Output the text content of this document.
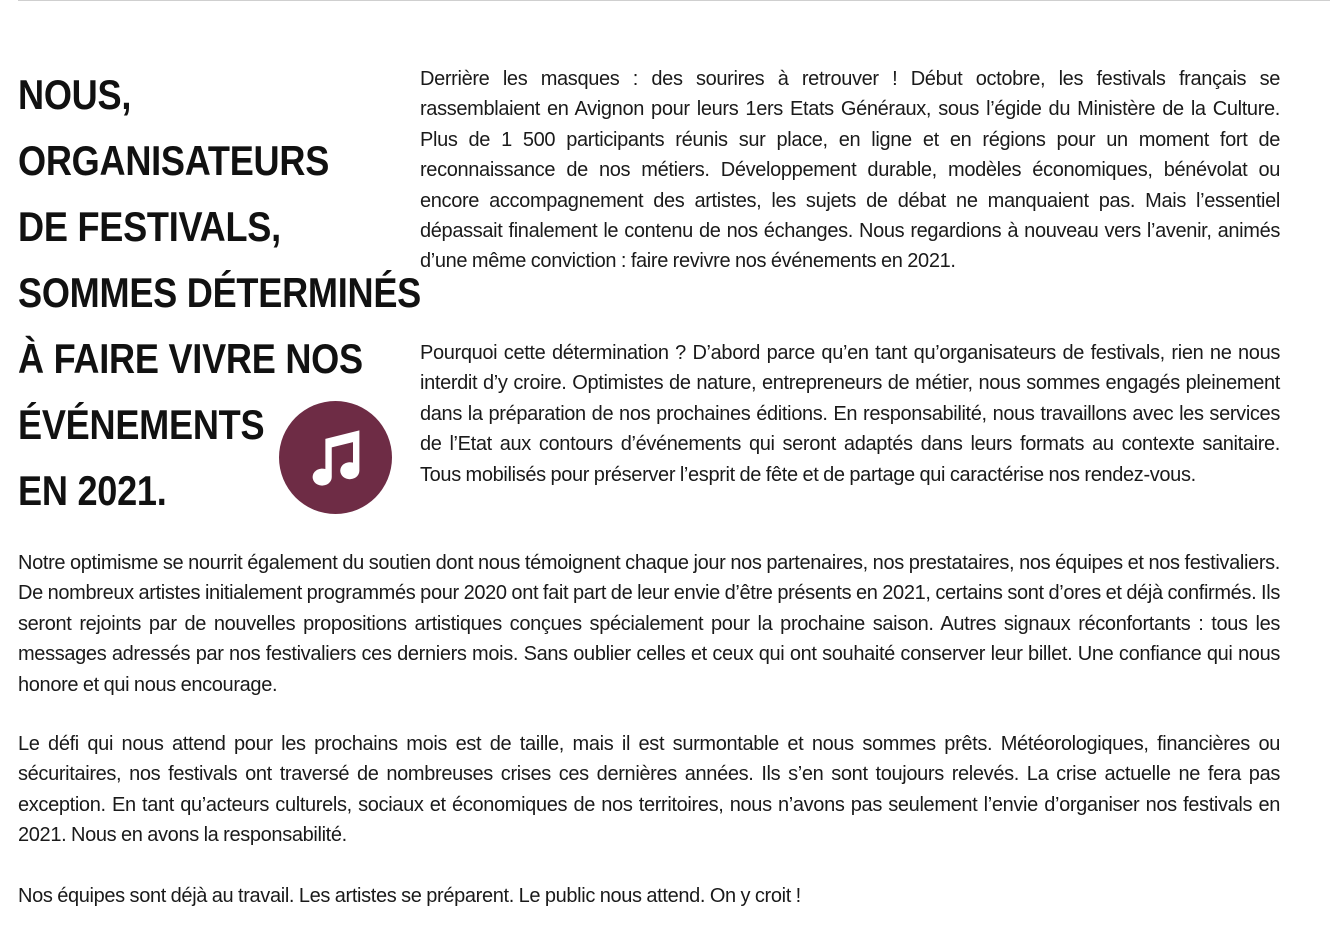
NOUS,
ORGANISATEURS
DE FESTIVALS,
SOMMES DÉTERMINÉS
À FAIRE VIVRE NOS
ÉVÉNEMENTS
EN 2021.

Derrière les masques : des sourires à retrouver ! Début octobre, les festivals français se rassemblaient en Avignon pour leurs 1ers Etats Généraux, sous l’égide du Ministère de la Culture. Plus de 1 500 participants réunis sur place, en ligne et en régions pour un moment fort de reconnaissance de nos métiers. Développement durable, modèles économiques, bénévolat ou encore accompagnement des artistes, les sujets de débat ne manquaient pas. Mais l’essentiel dépassait finalement le contenu de nos échanges. Nous regardions à nouveau vers l’avenir, animés d’une même conviction : faire revivre nos événements en 2021.

Pourquoi cette détermination ? D’abord parce qu’en tant qu’organisateurs de festivals, rien ne nous interdit d’y croire. Optimistes de nature, entrepreneurs de métier, nous sommes engagés pleinement dans la préparation de nos prochaines éditions. En responsabilité, nous travaillons avec les services de l’Etat aux contours d’événements qui seront adaptés dans leurs formats au contexte sanitaire. Tous mobilisés pour préserver l’esprit de fête et de partage qui caractérise nos rendez-vous.

Notre optimisme se nourrit également du soutien dont nous témoignent chaque jour nos partenaires, nos prestataires, nos équipes et nos festivaliers. De nombreux artistes initialement programmés pour 2020 ont fait part de leur envie d’être présents en 2021, certains sont d’ores et déjà confirmés. Ils seront rejoints par de nouvelles propositions artistiques conçues spécialement pour la prochaine saison. Autres signaux réconfortants : tous les messages adressés par nos festivaliers ces derniers mois. Sans oublier celles et ceux qui ont souhaité conserver leur billet. Une confiance qui nous honore et qui nous encourage.

Le défi qui nous attend pour les prochains mois est de taille, mais il est surmontable et nous sommes prêts. Météorologiques, financières ou sécuritaires, nos festivals ont traversé de nombreuses crises ces dernières années. Ils s’en sont toujours relevés. La crise actuelle ne fera pas exception. En tant qu’acteurs culturels, sociaux et économiques de nos territoires, nous n’avons pas seulement l’envie d’organiser nos festivals en 2021. Nous en avons la responsabilité.

Nos équipes sont déjà au travail. Les artistes se préparent. Le public nous attend. On y croit !
